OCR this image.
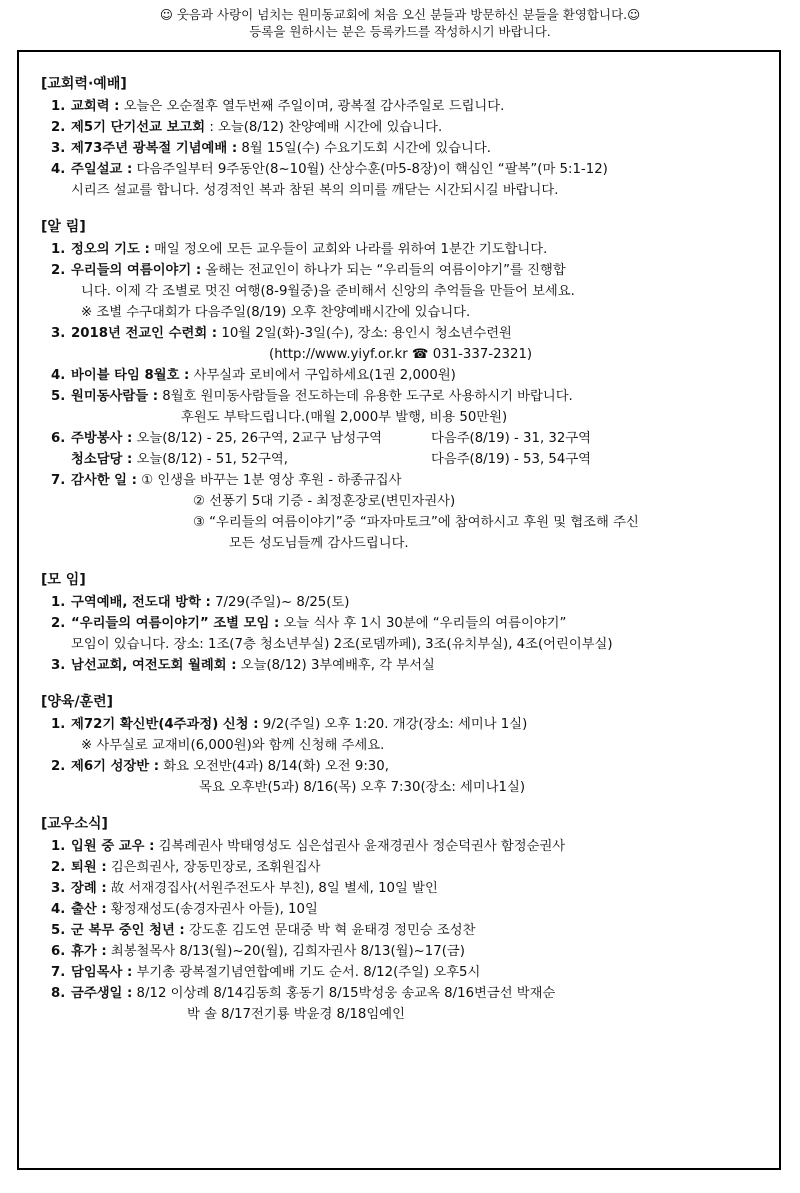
☺ 웃음과 사랑이 넘치는 원미동교회에 처음 오신 분들과 방문하신 분들을 환영합니다.☺
등록을 원하시는 분은 등록카드를 작성하시기 바랍니다.
[교회력·예배]
1. 교회력 : 오늘은 오순절후 열두번째 주일이며, 광복절 감사주일로 드립니다.
2. 제5기 단기선교 보고회 : 오늘(8/12) 찬양예배 시간에 있습니다.
3. 제73주년 광복절 기념예배 : 8월 15일(수) 수요기도회 시간에 있습니다.
4. 주일설교 : 다음주일부터 9주동안(8~10월) 산상수훈(마5-8장)이 핵심인 “팔복”(마 5:1-12)
시리즈 설교를 합니다. 성경적인 복과 참된 복의 의미를 깨닫는 시간되시길 바랍니다.
[알 림]
1. 정오의 기도 : 매일 정오에 모든 교우들이 교회와 나라를 위하여 1분간 기도합니다.
2. 우리들의 여름이야기 : 올해는 전교인이 하나가 되는 “우리들의 여름이야기”를 진행합
니다. 이제 각 조별로 멋진 여행(8-9월중)을 준비해서 신앙의 추억들을 만들어 보세요.
※ 조별 수구대회가 다음주일(8/19) 오후 찬양예배시간에 있습니다.
3. 2018년 전교인 수련회 : 10월 2일(화)-3일(수), 장소: 용인시 청소년수련원
(http://www.yiyf.or.kr ☎ 031-337-2321)
4. 바이블 타임 8월호 : 사무실과 로비에서 구입하세요(1권 2,000원)
5. 원미동사람들 : 8월호 원미동사람들을 전도하는데 유용한 도구로 사용하시기 바랍니다.
후원도 부탁드립니다.(매월 2,000부 발행, 비용 50만원)
6. 주방봉사 : 오늘(8/12) - 25, 26구역, 2교구 남성구역	다음주(8/19) - 31, 32구역
청소담당 : 오늘(8/12) - 51, 52구역,	다음주(8/19) - 53, 54구역
7. 감사한 일 : ① 인생을 바꾸는 1분 영상 후원 - 하종규집사
② 선풍기 5대 기증 - 최정훈장로(변민자권사)
③ “우리들의 여름이야기”중 “파자마토크”에 참여하시고 후원 및 협조해 주신
모든 성도님들께 감사드립니다.
[모 임]
1. 구역예배, 전도대 방학 : 7/29(주일)~ 8/25(토)
2. “우리들의 여름이야기” 조별 모임 : 오늘 식사 후 1시 30분에 “우리들의 여름이야기”
모임이 있습니다. 장소: 1조(7층 청소년부실) 2조(로뎀까페), 3조(유치부실), 4조(어린이부실)
3. 남선교회, 여전도회 월례회 : 오늘(8/12) 3부예배후, 각 부서실
[양육/훈련]
1. 제72기 확신반(4주과정) 신청 : 9/2(주일) 오후 1:20. 개강(장소: 세미나 1실)
※ 사무실로 교재비(6,000원)와 함께 신청해 주세요.
2. 제6기 성장반 : 화요 오전반(4과) 8/14(화) 오전 9:30,
목요 오후반(5과) 8/16(목) 오후 7:30(장소: 세미나1실)
[교우소식]
1. 입원 중 교우 : 김복례권사 박태영성도 심은섭권사 윤재경권사 정순덕권사 함정순권사
2. 퇴원 : 김은희권사, 장동민장로, 조휘원집사
3. 장례 : 故 서재경집사(서원주전도사 부친), 8일 별세, 10일 발인
4. 출산 : 황정재성도(송경자권사 아들), 10일
5. 군 복무 중인 청년 : 강도훈 김도연 문대중 박 혁 윤태경 정민승 조성찬
6. 휴가 : 최봉철목사 8/13(월)~20(월), 김희자권사 8/13(월)~17(금)
7. 담임목사 : 부기총 광복절기념연합예배 기도 순서. 8/12(주일) 오후5시
8. 금주생일 : 8/12 이상례 8/14김동희 홍동기 8/15박성웅 송교옥 8/16변금선 박재순
박 솔 8/17전기룡 박윤경 8/18임예인
